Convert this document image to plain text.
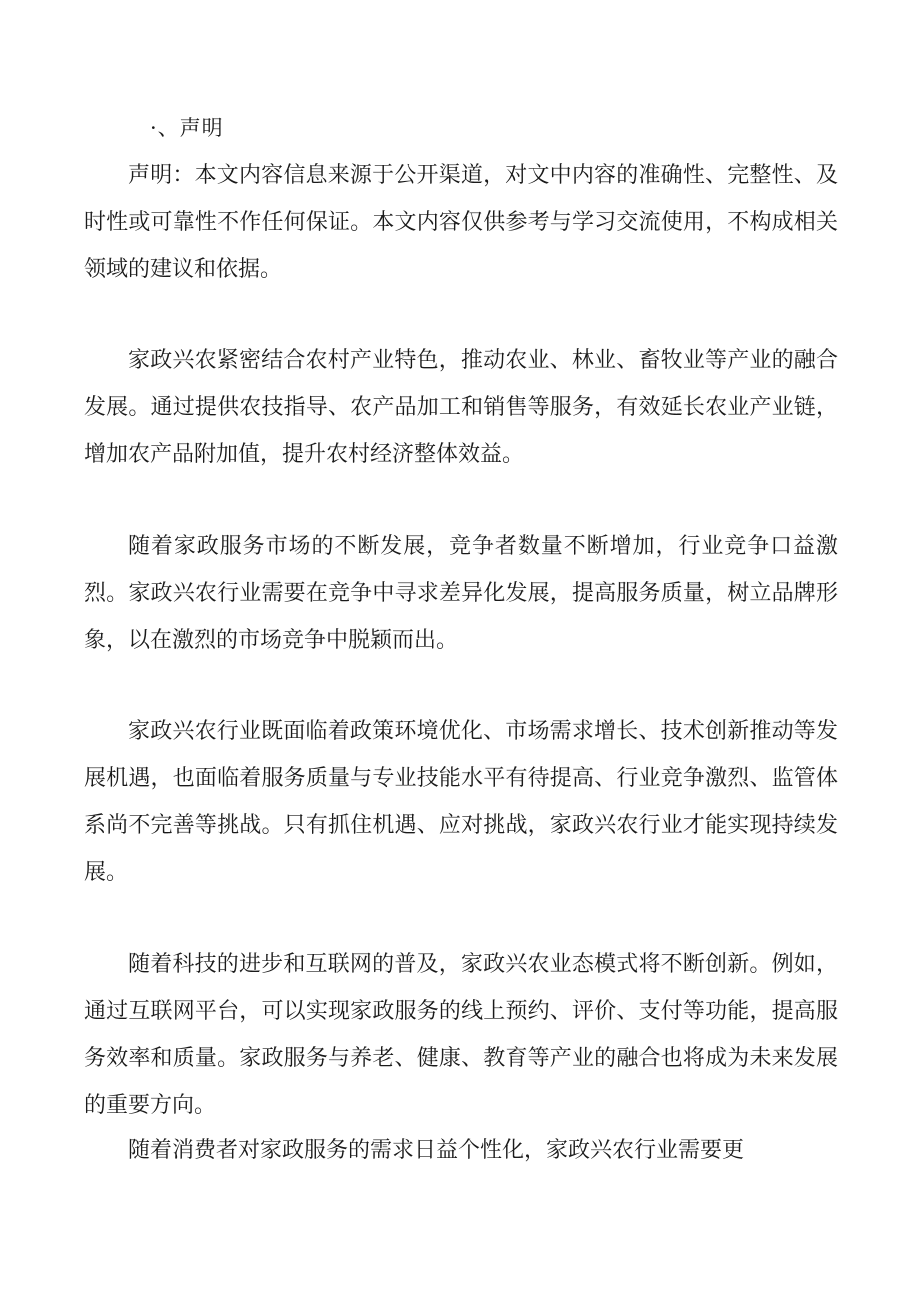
·、声明

声明：本文内容信息来源于公开渠道，对文中内容的准确性、完整性、及时性或可靠性不作任何保证。本文内容仅供参考与学习交流使用，不构成相关领域的建议和依据。

家政兴农紧密结合农村产业特色，推动农业、林业、畜牧业等产业的融合发展。通过提供农技指导、农产品加工和销售等服务，有效延长农业产业链，增加农产品附加值，提升农村经济整体效益。

随着家政服务市场的不断发展，竞争者数量不断增加，行业竞争口益激烈。家政兴农行业需要在竞争中寻求差异化发展，提高服务质量，树立品牌形象，以在激烈的市场竞争中脱颖而出。

家政兴农行业既面临着政策环境优化、市场需求增长、技术创新推动等发展机遇，也面临着服务质量与专业技能水平有待提高、行业竞争激烈、监管体系尚不完善等挑战。只有抓住机遇、应对挑战，家政兴农行业才能实现持续发展。

随着科技的进步和互联网的普及，家政兴农业态模式将不断创新。例如，通过互联网平台，可以实现家政服务的线上预约、评价、支付等功能，提高服务效率和质量。家政服务与养老、健康、教育等产业的融合也将成为未来发展的重要方向。

随着消费者对家政服务的需求日益个性化，家政兴农行业需要更
